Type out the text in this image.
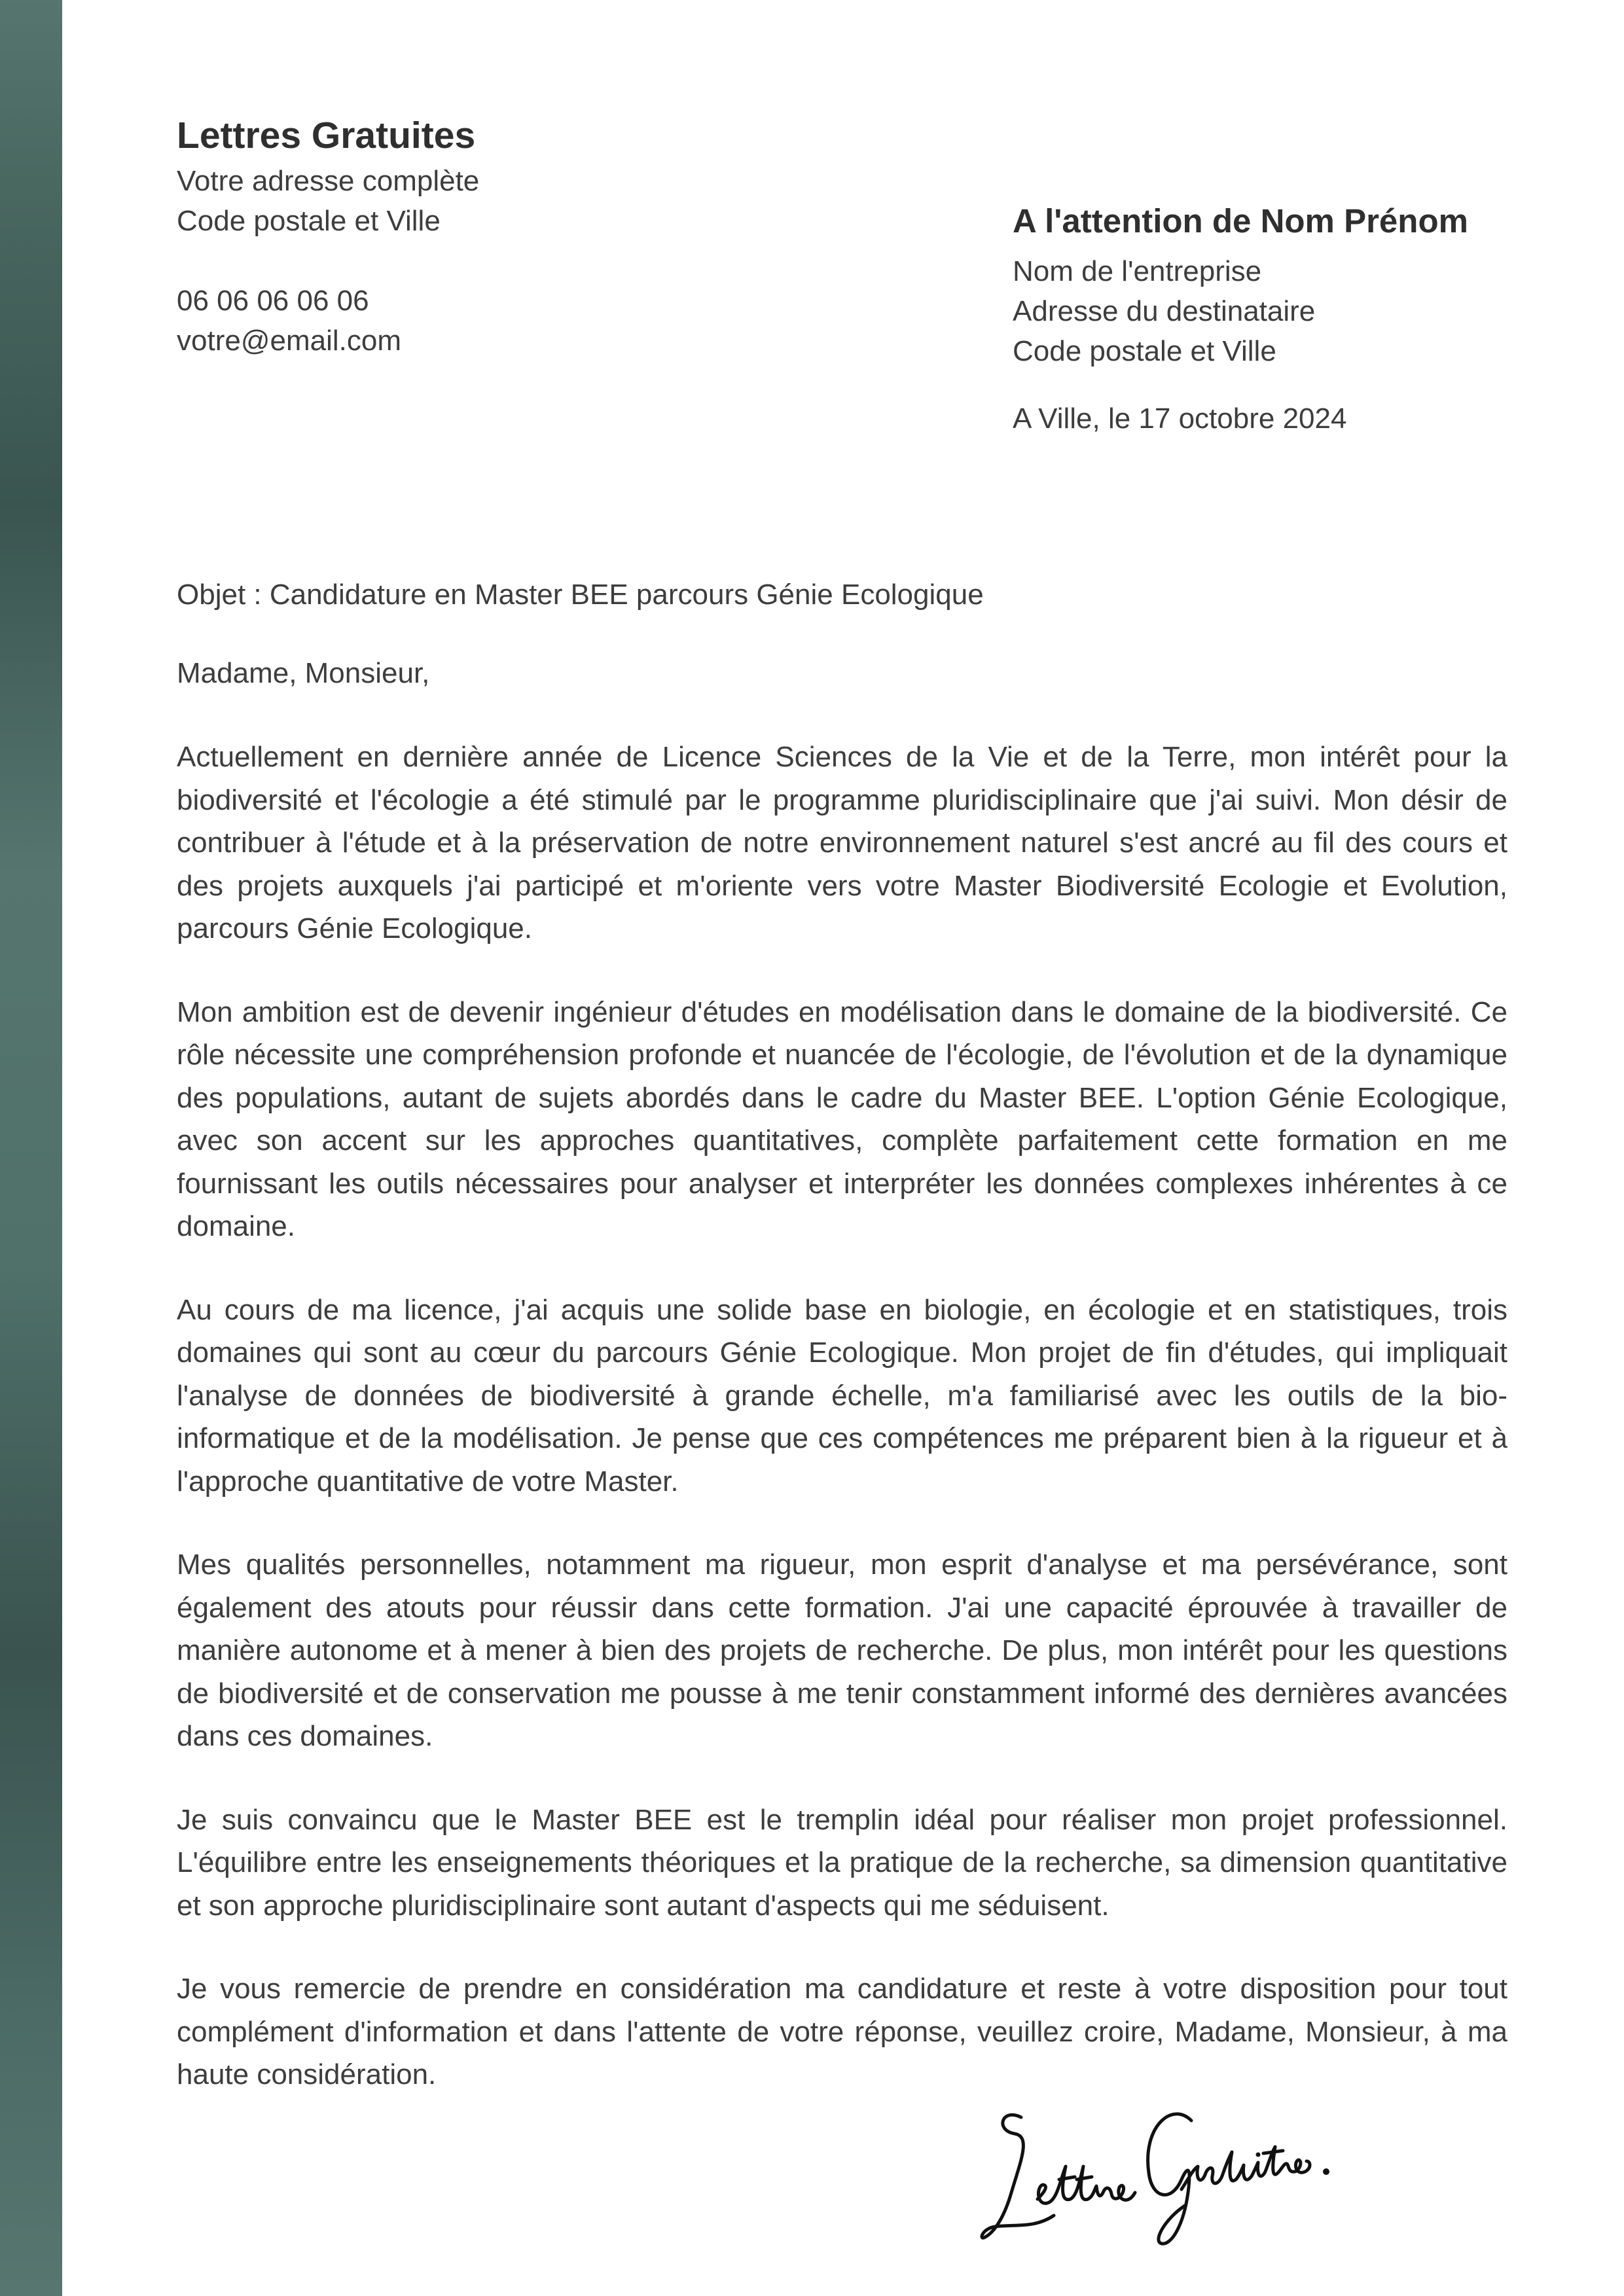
Lettres Gratuites

Votre adresse complète

Code postale et Ville

06 06 06 06 06

votre@email.com

A l'attention de Nom Prénom

Nom de l'entreprise

Adresse du destinataire

Code postale et Ville

A Ville, le 17 octobre 2024

Objet : Candidature en Master BEE parcours Génie Ecologique

Madame, Monsieur,

Actuellement en dernière année de Licence Sciences de la Vie et de la Terre, mon intérêt pour la biodiversité et l'écologie a été stimulé par le programme pluridisciplinaire que j'ai suivi. Mon désir de contribuer à l'étude et à la préservation de notre environnement naturel s'est ancré au fil des cours et des projets auxquels j'ai participé et m'oriente vers votre Master Biodiversité Ecologie et Evolution, parcours Génie Ecologique.

Mon ambition est de devenir ingénieur d'études en modélisation dans le domaine de la biodiversité. Ce rôle nécessite une compréhension profonde et nuancée de l'écologie, de l'évolution et de la dynamique des populations, autant de sujets abordés dans le cadre du Master BEE. L'option Génie Ecologique, avec son accent sur les approches quantitatives, complète parfaitement cette formation en me fournissant les outils nécessaires pour analyser et interpréter les données complexes inhérentes à ce domaine.

Au cours de ma licence, j'ai acquis une solide base en biologie, en écologie et en statistiques, trois domaines qui sont au cœur du parcours Génie Ecologique. Mon projet de fin d'études, qui impliquait l'analyse de données de biodiversité à grande échelle, m'a familiarisé avec les outils de la bio-informatique et de la modélisation. Je pense que ces compétences me préparent bien à la rigueur et à l'approche quantitative de votre Master.

Mes qualités personnelles, notamment ma rigueur, mon esprit d'analyse et ma persévérance, sont également des atouts pour réussir dans cette formation. J'ai une capacité éprouvée à travailler de manière autonome et à mener à bien des projets de recherche. De plus, mon intérêt pour les questions de biodiversité et de conservation me pousse à me tenir constamment informé des dernières avancées dans ces domaines.

Je suis convaincu que le Master BEE est le tremplin idéal pour réaliser mon projet professionnel. L'équilibre entre les enseignements théoriques et la pratique de la recherche, sa dimension quantitative et son approche pluridisciplinaire sont autant d'aspects qui me séduisent.

Je vous remercie de prendre en considération ma candidature et reste à votre disposition pour tout complément d'information et dans l'attente de votre réponse, veuillez croire, Madame, Monsieur, à ma haute considération.
